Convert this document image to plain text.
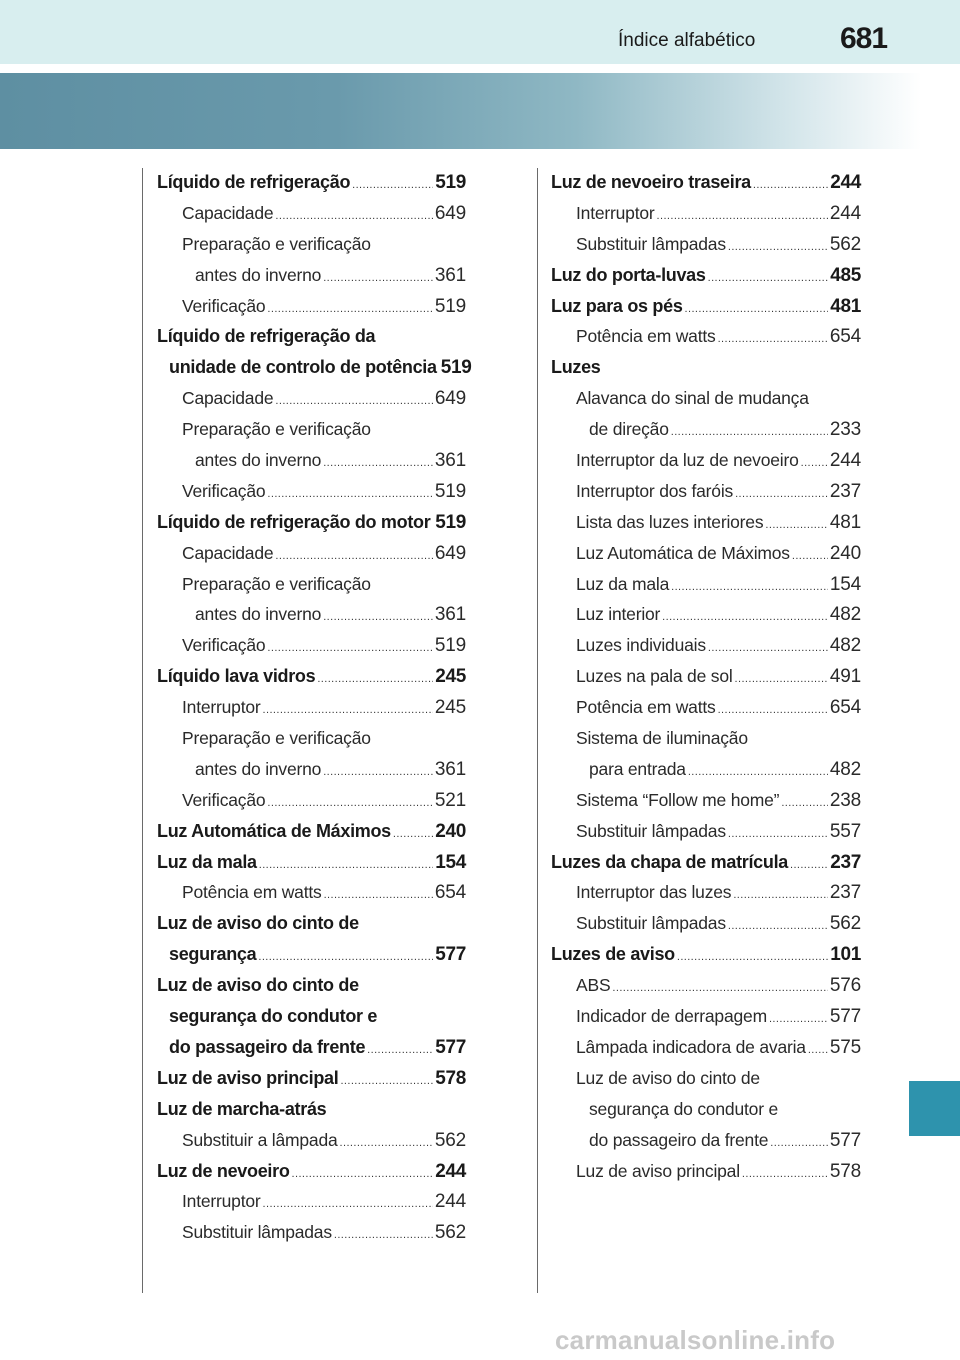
Índice alfabético	681
Líquido de refrigeração .....	519
Capacidade .....	649
Preparação e verificação
antes do inverno .....	361
Verificação .....	519
Líquido de refrigeração da
unidade de controlo de potência 519
Capacidade .....	649
Preparação e verificação
antes do inverno .....	361
Verificação .....	519
Líquido de refrigeração do motor ..... 519
Capacidade .....	649
Preparação e verificação
antes do inverno .....	361
Verificação .....	519
Líquido lava vidros .....	245
Interruptor .....	245
Preparação e verificação
antes do inverno .....	361
Verificação .....	521
Luz Automática de Máximos ..... 240
Luz da mala .....	154
Potência em watts .....	654
Luz de aviso do cinto de
segurança .....	577
Luz de aviso do cinto de
segurança do condutor e
do passageiro da frente .....	577
Luz de aviso principal .....	578
Luz de marcha-atrás
Substituir a lâmpada .....	562
Luz de nevoeiro .....	244
Interruptor .....	244
Substituir lâmpadas .....	562
Luz de nevoeiro traseira .....	244
Interruptor .....	244
Substituir lâmpadas .....	562
Luz do porta-luvas .....	485
Luz para os pés .....	481
Potência em watts .....	654
Luzes
Alavanca do sinal de mudança
de direção .....	233
Interruptor da luz de nevoeiro ..... 244
Interruptor dos faróis .....	237
Lista das luzes interiores .....	481
Luz Automática de Máximos ..... 240
Luz da mala .....	154
Luz interior .....	482
Luzes individuais .....	482
Luzes na pala de sol .....	491
Potência em watts .....	654
Sistema de iluminação
para entrada .....	482
Sistema “Follow me home” .....	238
Substituir lâmpadas .....	557
Luzes da chapa de matrícula ..... 237
Interruptor das luzes .....	237
Substituir lâmpadas .....	562
Luzes de aviso .....	101
ABS .....	576
Indicador de derrapagem .....	577
Lâmpada indicadora de avaria ..... 575
Luz de aviso do cinto de
segurança do condutor e
do passageiro da frente .....	577
Luz de aviso principal .....	578
carmanualsonline.info
